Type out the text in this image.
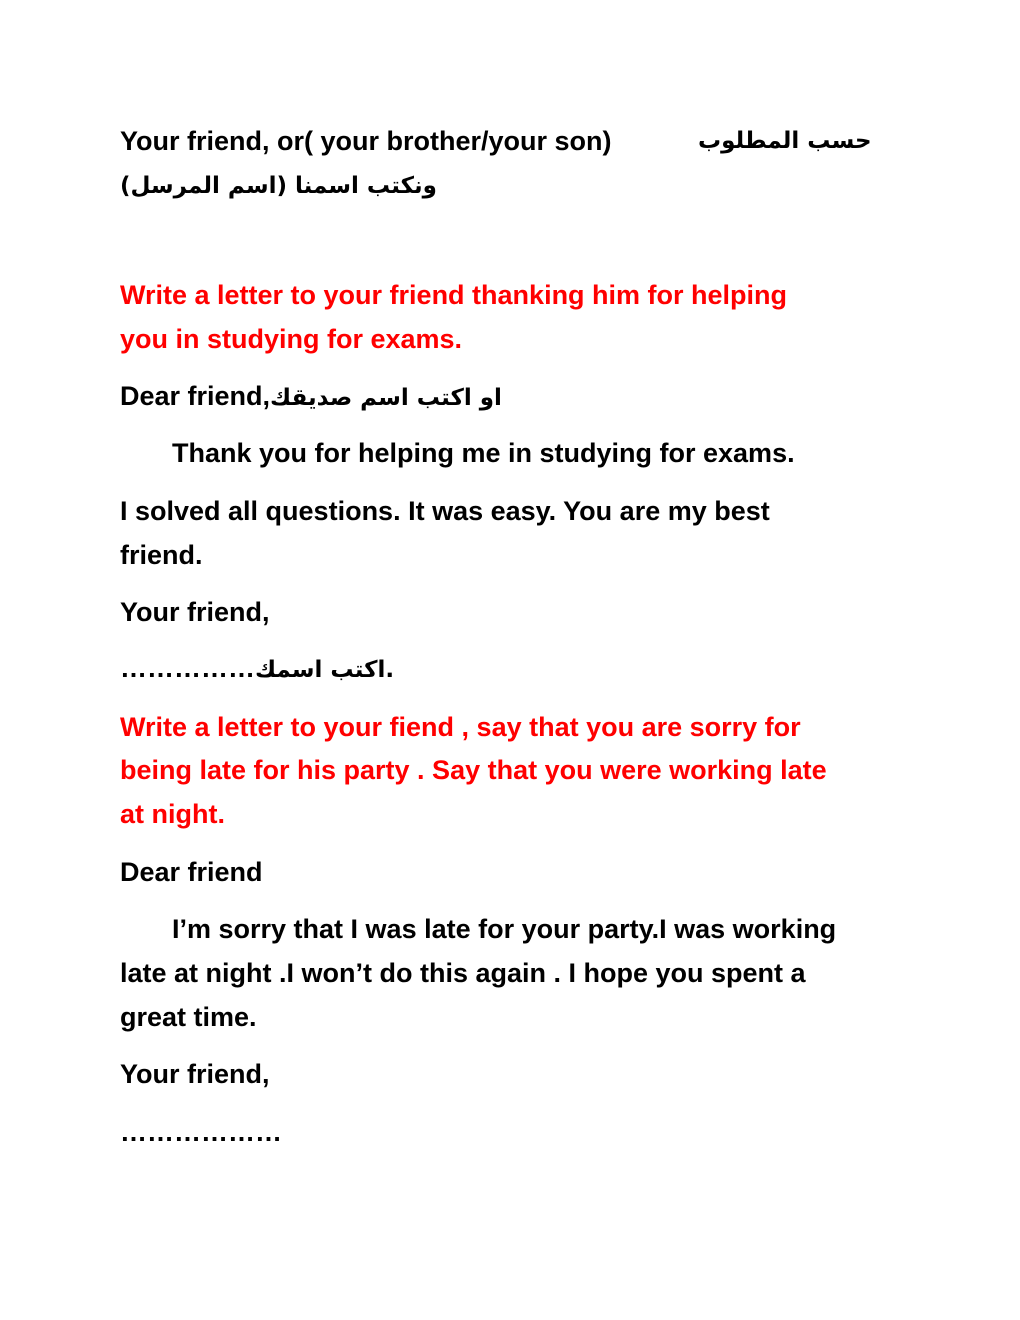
Your friend, or( your brother/your son)	حسب المطلوب
ونكتب اسمنا (اسم المرسل)
Write a letter to your friend thanking him for helping
you in studying for exams.
Dear friend,او اكتب اسم صديقك
Thank you for helping me in studying for exams.
I solved all questions. It was easy. You are my best
friend.
Your friend,
…………….اكتب اسمك
Write a letter to your fiend , say that you are sorry for
being late for his party . Say that you were working late
at night.
Dear friend
I’m sorry that I was late for your party.I was working
late at night .I won’t do this again . I hope you spent a
great time.
Your friend,
………………
